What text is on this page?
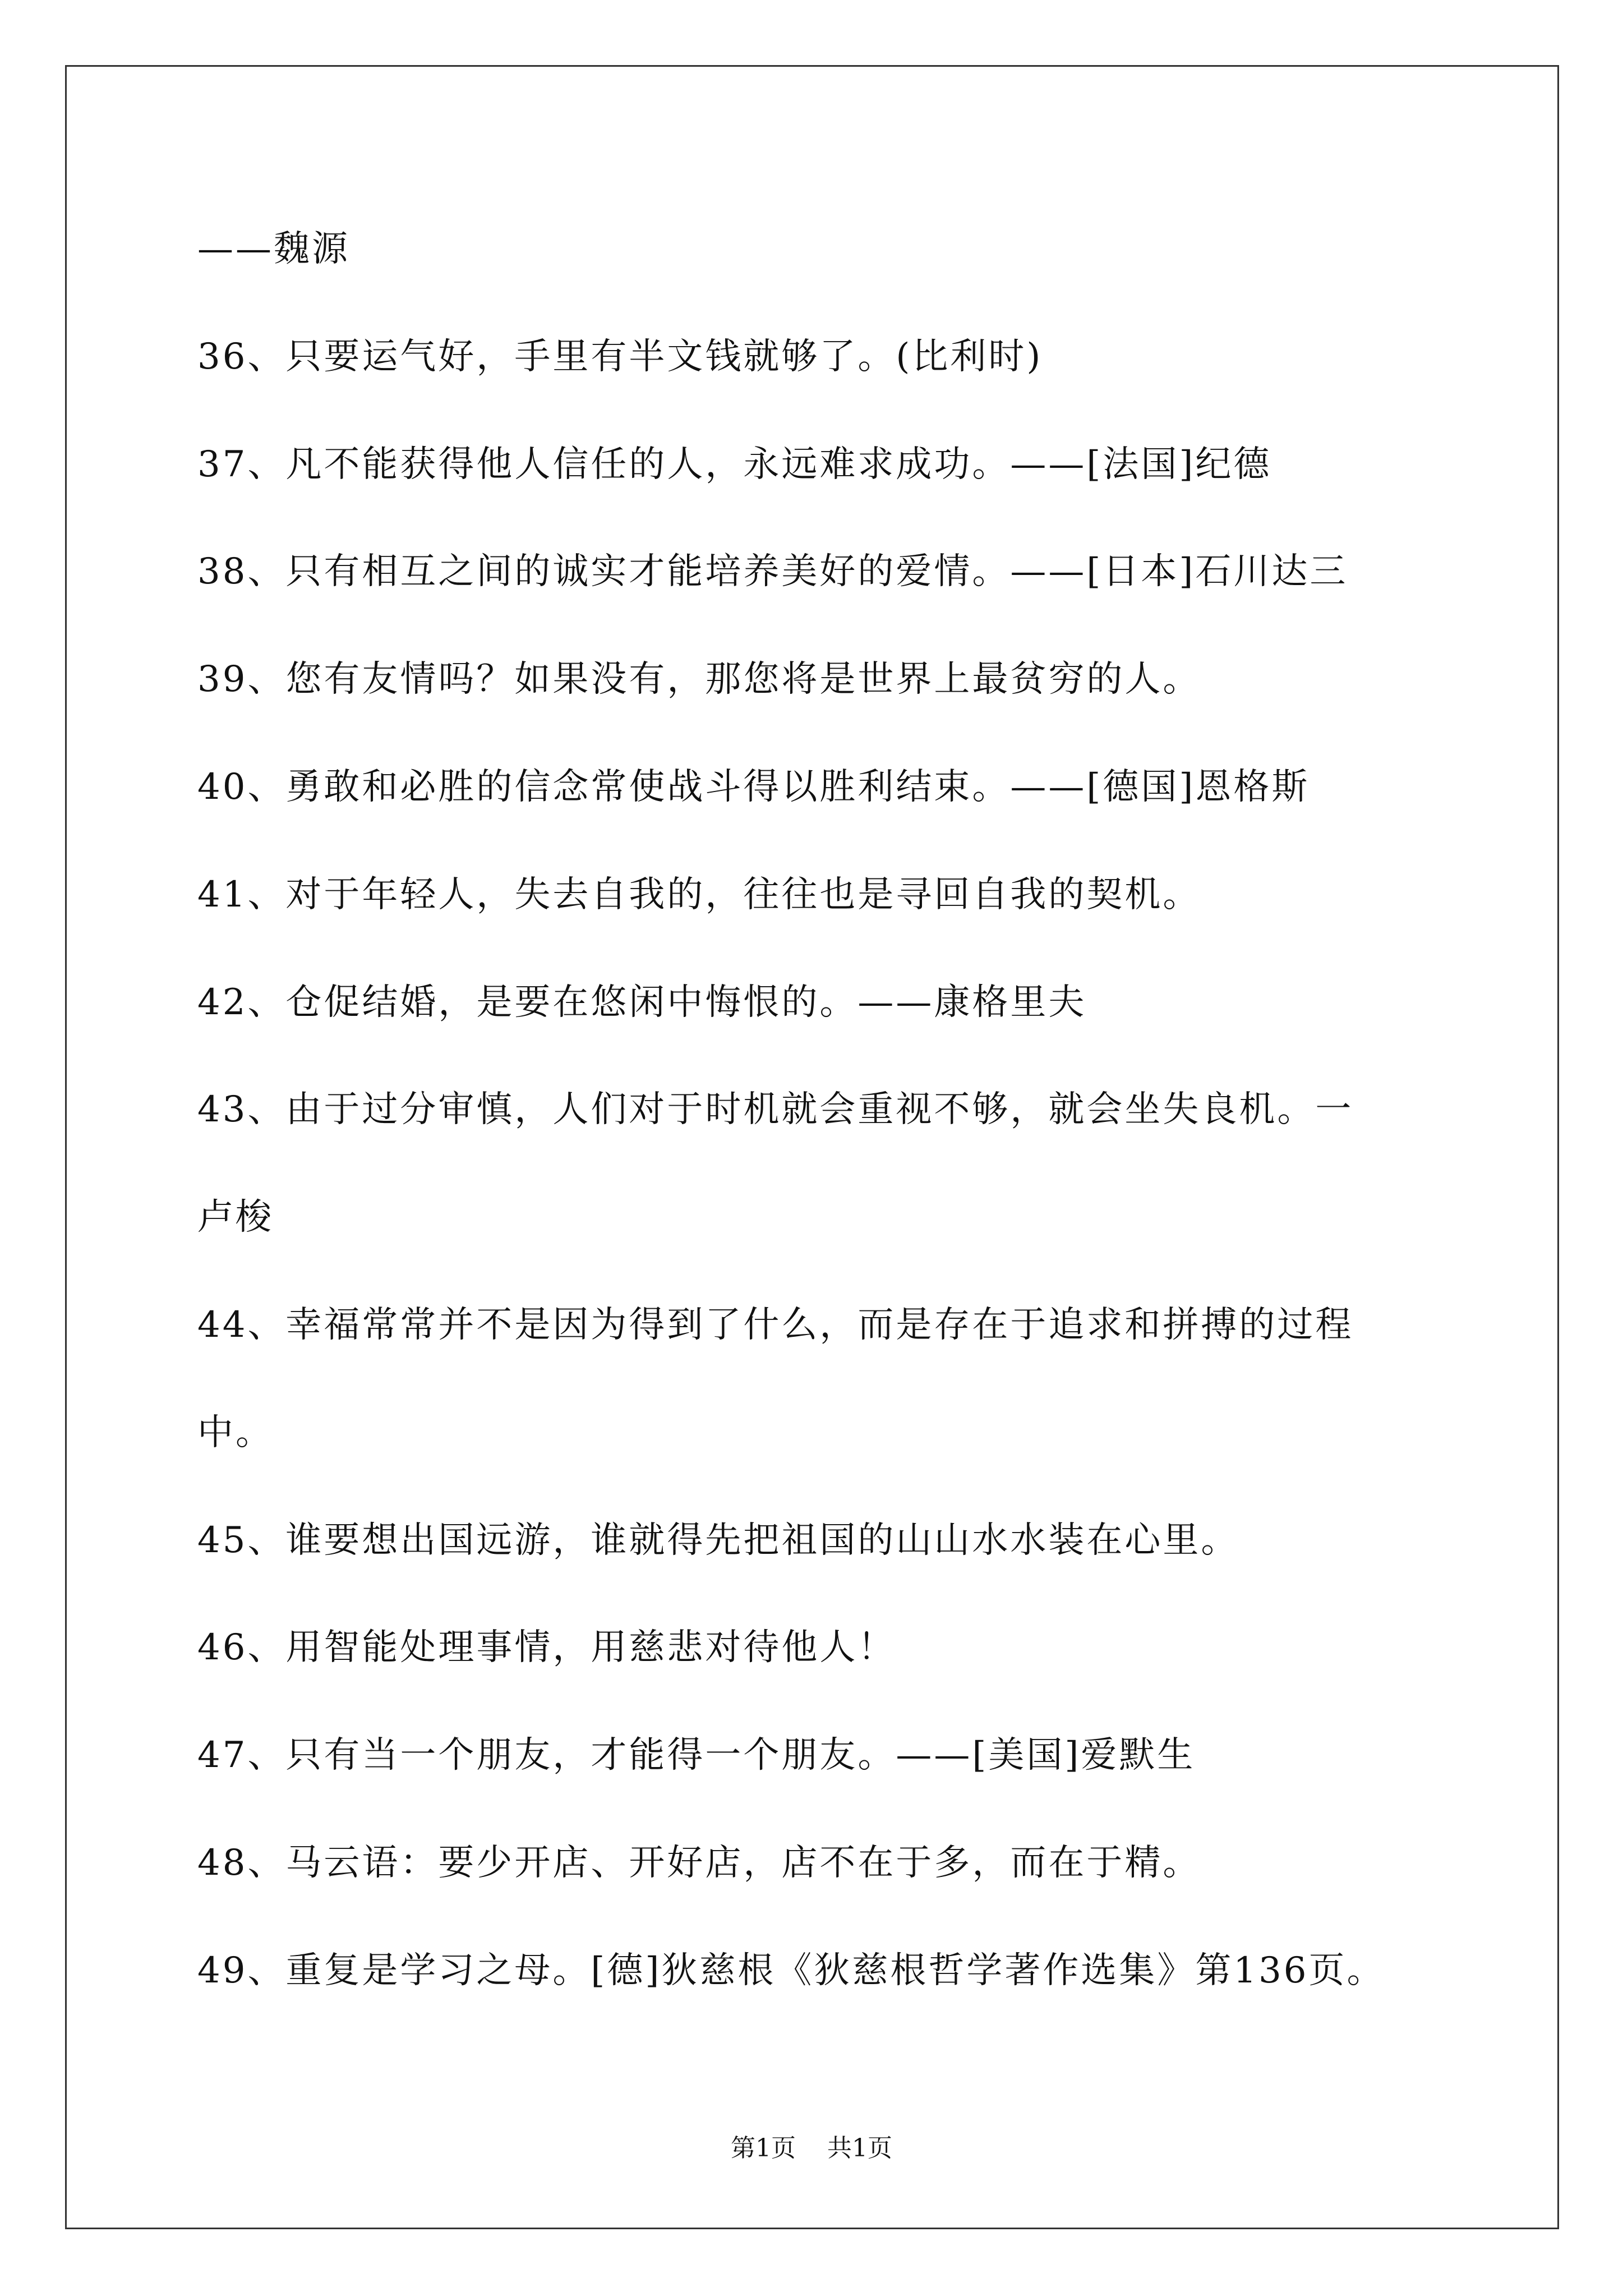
——魏源
36、只要运气好，手里有半文钱就够了。(比利时)
37、凡不能获得他人信任的人，永远难求成功。——[法国]纪德
38、只有相互之间的诚实才能培养美好的爱情。——[日本]石川达三
39、您有友情吗？如果没有，那您将是世界上最贫穷的人。
40、勇敢和必胜的信念常使战斗得以胜利结束。——[德国]恩格斯
41、对于年轻人，失去自我的，往往也是寻回自我的契机。
42、仓促结婚，是要在悠闲中悔恨的。——康格里夫
43、由于过分审慎，人们对于时机就会重视不够，就会坐失良机。一
卢梭
44、幸福常常并不是因为得到了什么，而是存在于追求和拼搏的过程
中。
45、谁要想出国远游，谁就得先把祖国的山山水水装在心里。
46、用智能处理事情，用慈悲对待他人！
47、只有当一个朋友，才能得一个朋友。——[美国]爱默生
48、马云语：要少开店、开好店，店不在于多，而在于精。
49、重复是学习之母。[德]狄慈根《狄慈根哲学著作选集》第136页。
第1页 共1页
